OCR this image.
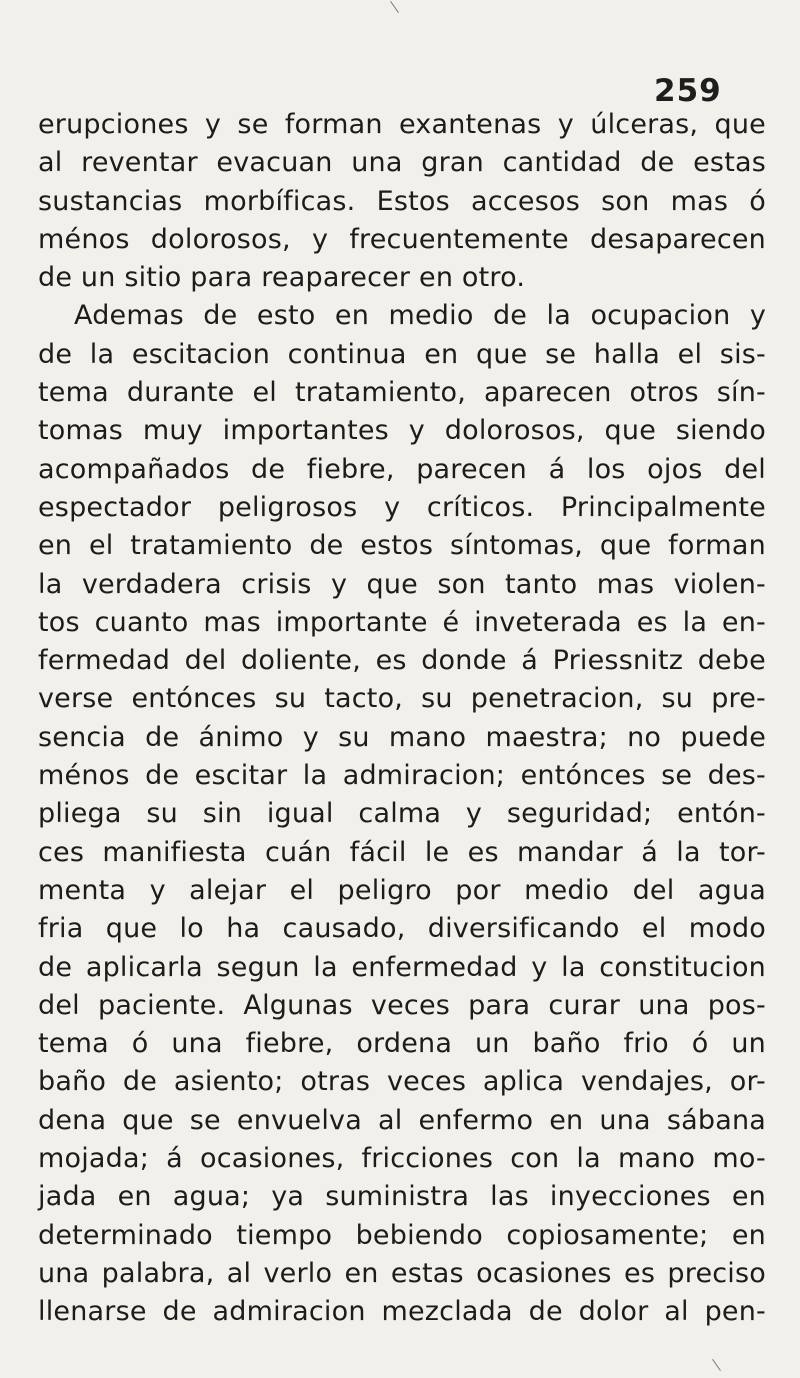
259
erupciones y se forman exantenas y úlceras, que
al reventar evacuan una gran cantidad de estas
sustancias morbíficas. Estos accesos son mas ó
ménos dolorosos, y frecuentemente desaparecen
de un sitio para reaparecer en otro.
Ademas de esto en medio de la ocupacion y
de la escitacion continua en que se halla el sis-
tema durante el tratamiento, aparecen otros sín-
tomas muy importantes y dolorosos, que siendo
acompañados de fiebre, parecen á los ojos del
espectador peligrosos y críticos. Principalmente
en el tratamiento de estos síntomas, que forman
la verdadera crisis y que son tanto mas violen-
tos cuanto mas importante é inveterada es la en-
fermedad del doliente, es donde á Priessnitz debe
verse entónces su tacto, su penetracion, su pre-
sencia de ánimo y su mano maestra; no puede
ménos de escitar la admiracion; entónces se des-
pliega su sin igual calma y seguridad; entón-
ces manifiesta cuán fácil le es mandar á la tor-
menta y alejar el peligro por medio del agua
fria que lo ha causado, diversificando el modo
de aplicarla segun la enfermedad y la constitucion
del paciente. Algunas veces para curar una pos-
tema ó una fiebre, ordena un baño frio ó un
baño de asiento; otras veces aplica vendajes, or-
dena que se envuelva al enfermo en una sábana
mojada; á ocasiones, fricciones con la mano mo-
jada en agua; ya suministra las inyecciones en
determinado tiempo bebiendo copiosamente; en
una palabra, al verlo en estas ocasiones es preciso
llenarse de admiracion mezclada de dolor al pen-
